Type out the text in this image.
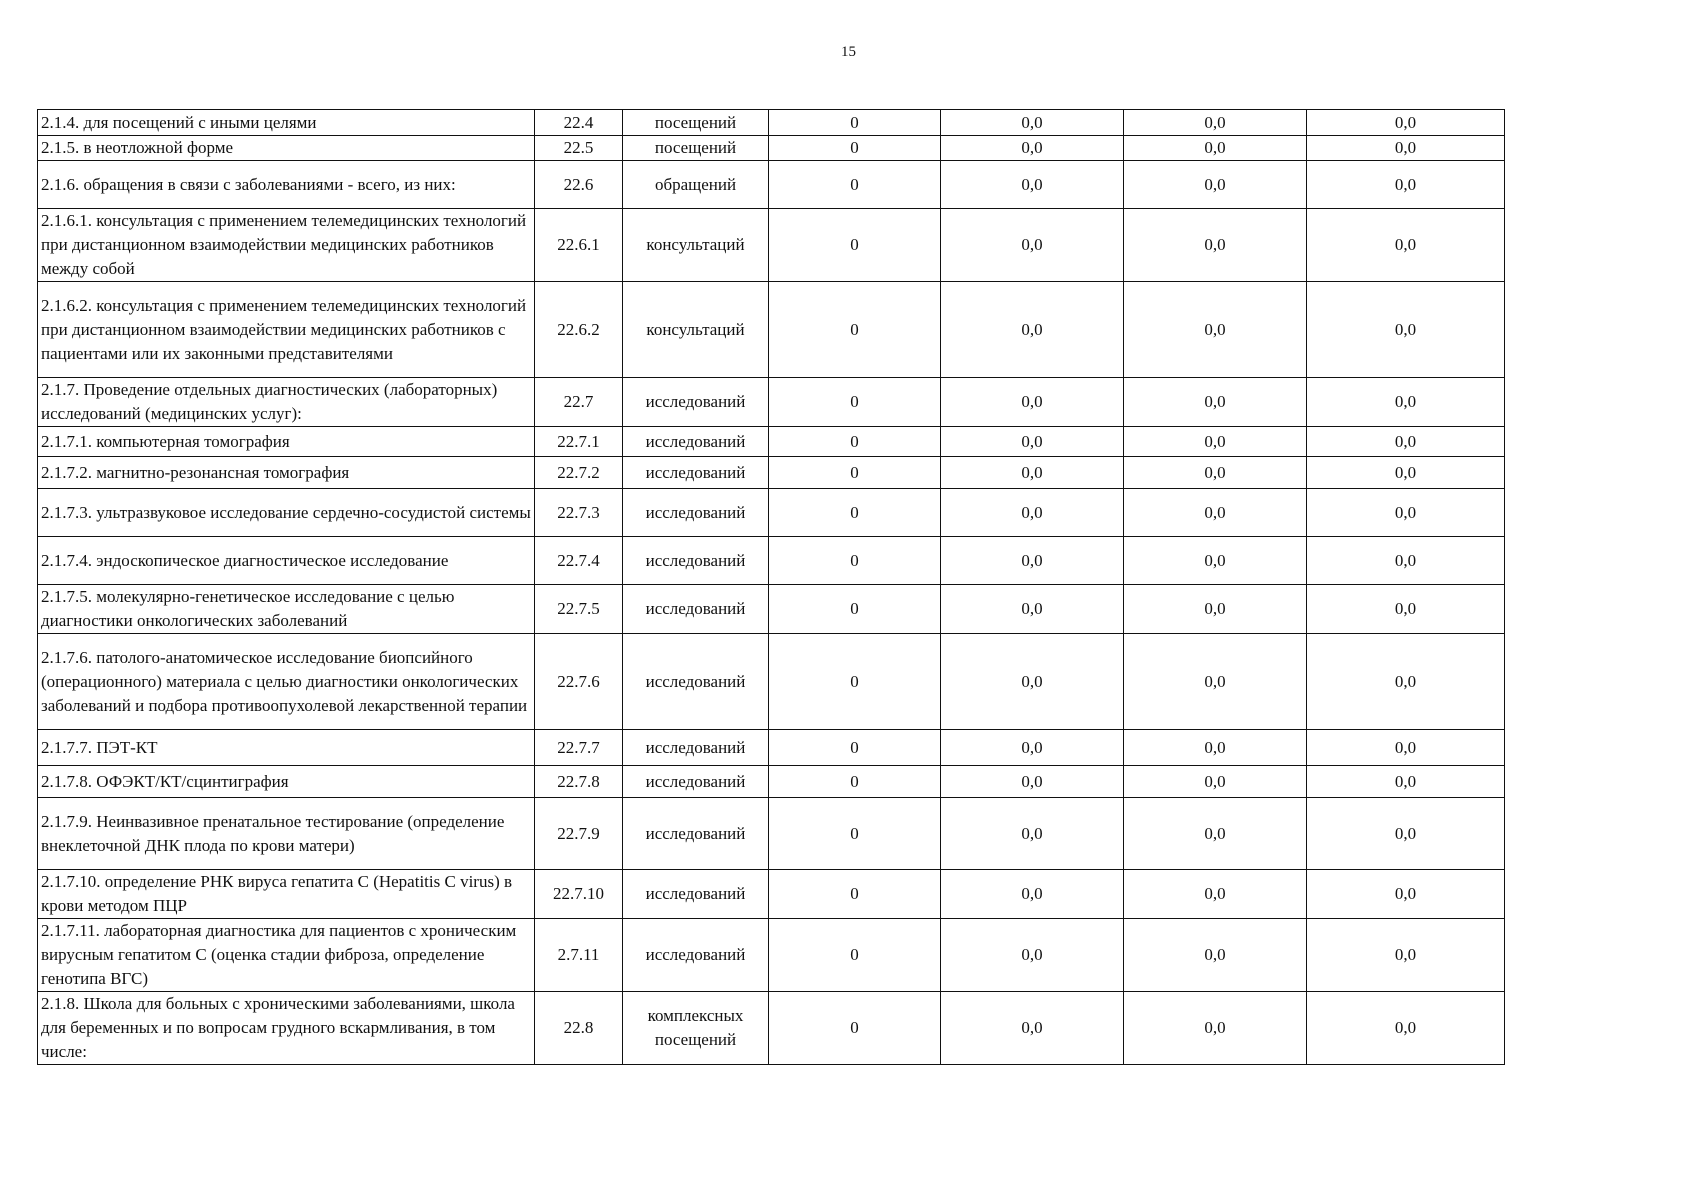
15
2.1.4. для посещений с иными целями	22.4	посещений	0	0,0	0,0	0,0
2.1.5. в неотложной форме	22.5	посещений	0	0,0	0,0	0,0
2.1.6. обращения в связи с заболеваниями - всего, из них:	22.6	обращений	0	0,0	0,0	0,0
2.1.6.1. консультация с применением телемедицинских технологий при дистанционном взаимодействии медицинских работников между собой	22.6.1	консультаций	0	0,0	0,0	0,0
2.1.6.2. консультация с применением телемедицинских технологий при дистанционном взаимодействии медицинских работников с пациентами или их законными представителями	22.6.2	консультаций	0	0,0	0,0	0,0
2.1.7. Проведение отдельных диагностических (лабораторных) исследований (медицинских услуг):	22.7	исследований	0	0,0	0,0	0,0
2.1.7.1. компьютерная томография	22.7.1	исследований	0	0,0	0,0	0,0
2.1.7.2. магнитно-резонансная томография	22.7.2	исследований	0	0,0	0,0	0,0
2.1.7.3. ультразвуковое исследование сердечно-сосудистой системы	22.7.3	исследований	0	0,0	0,0	0,0
2.1.7.4. эндоскопическое диагностическое исследование	22.7.4	исследований	0	0,0	0,0	0,0
2.1.7.5. молекулярно-генетическое исследование с целью диагностики онкологических заболеваний	22.7.5	исследований	0	0,0	0,0	0,0
2.1.7.6. патолого-анатомическое исследование биопсийного (операционного) материала с целью диагностики онкологических заболеваний и подбора противоопухолевой лекарственной терапии	22.7.6	исследований	0	0,0	0,0	0,0
2.1.7.7. ПЭТ-КТ	22.7.7	исследований	0	0,0	0,0	0,0
2.1.7.8. ОФЭКТ/КТ/сцинтиграфия	22.7.8	исследований	0	0,0	0,0	0,0
2.1.7.9. Неинвазивное пренатальное тестирование (определение внеклеточной ДНК плода по крови матери)	22.7.9	исследований	0	0,0	0,0	0,0
2.1.7.10. определение РНК вируса гепатита С (Hepatitis C virus) в крови методом ПЦР	22.7.10	исследований	0	0,0	0,0	0,0
2.1.7.11. лабораторная диагностика для пациентов с хроническим вирусным гепатитом С (оценка стадии фиброза, определение генотипа ВГС)	2.7.11	исследований	0	0,0	0,0	0,0
2.1.8. Школа для больных с хроническими заболеваниями, школа для беременных и по вопросам грудного вскармливания, в том числе:	22.8	комплексных посещений	0	0,0	0,0	0,0
